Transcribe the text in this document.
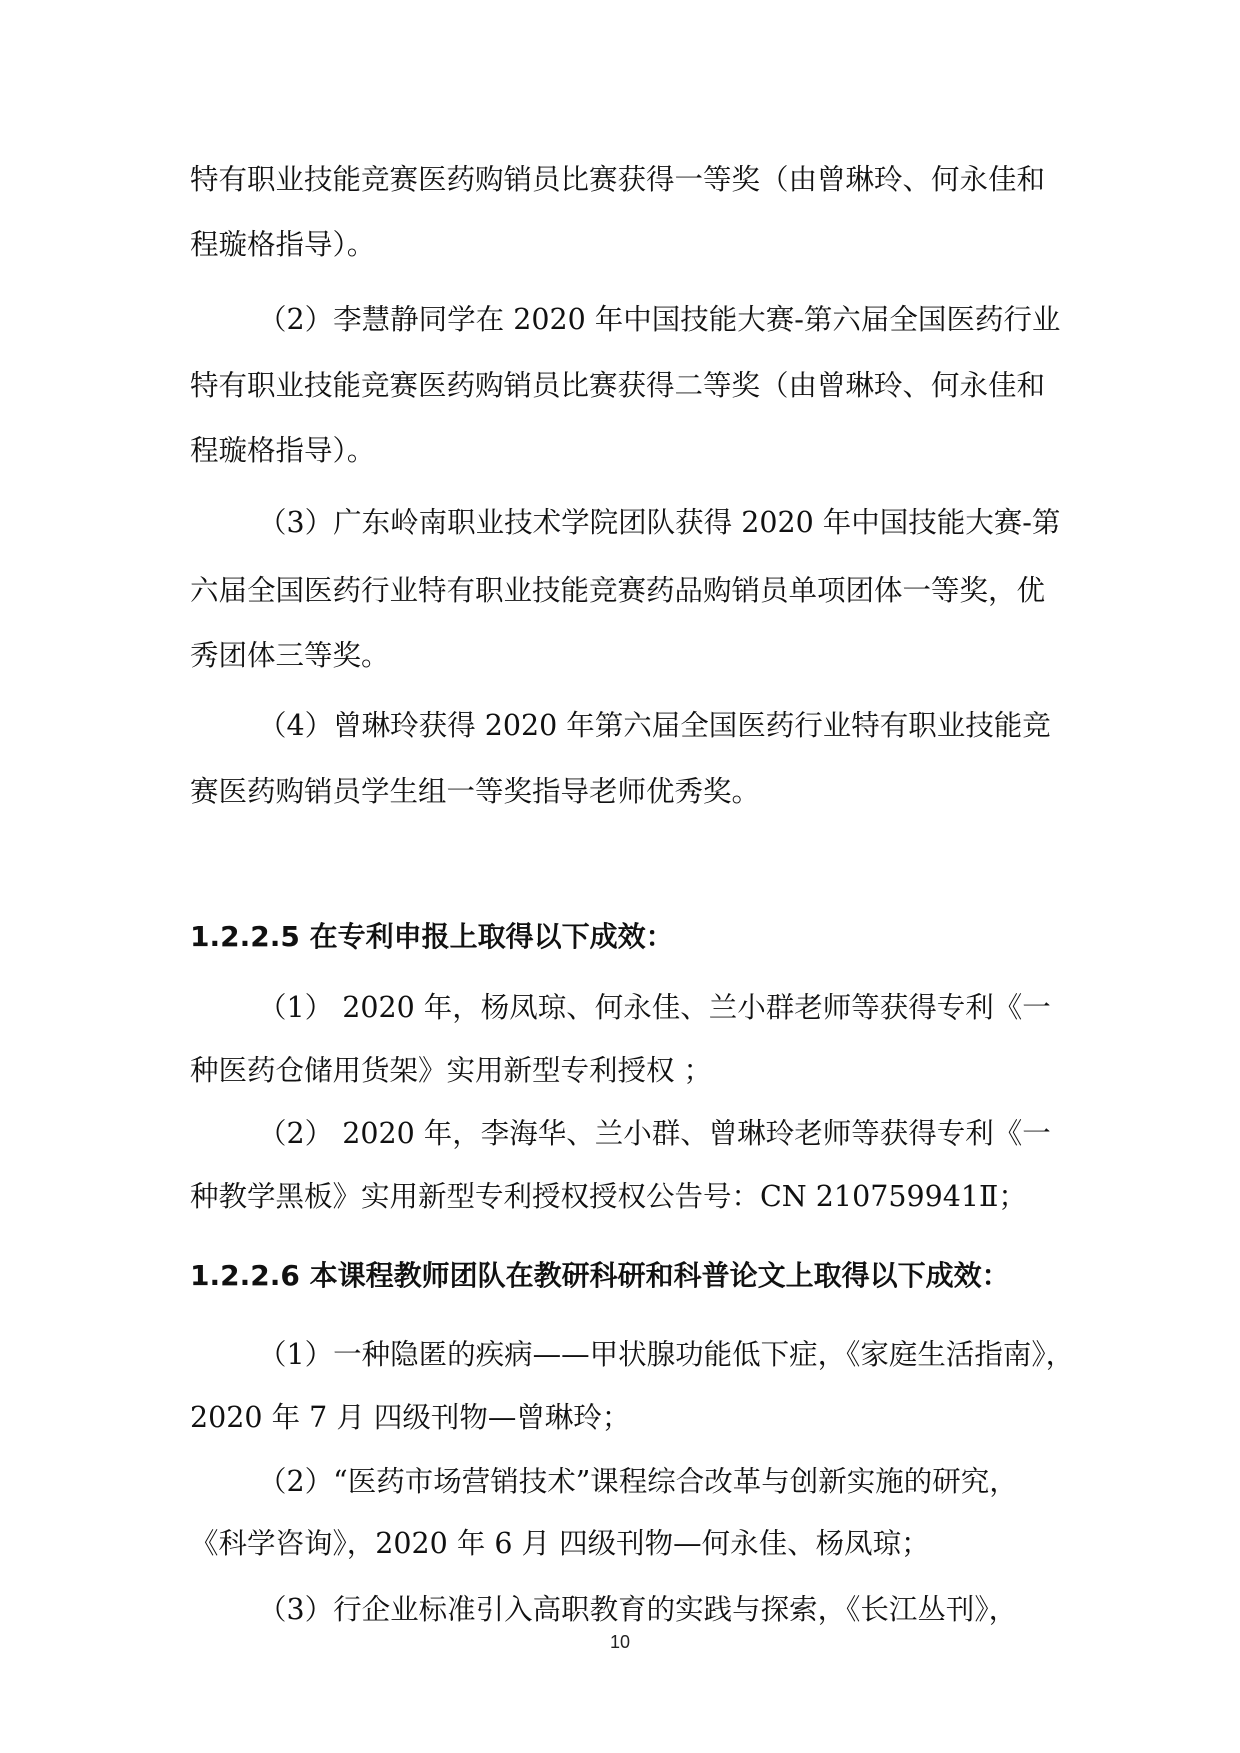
特有职业技能竞赛医药购销员比赛获得一等奖（由曾琳玲、何永佳和
程璇格指导）。
（2）李慧静同学在 2020 年中国技能大赛-第六届全国医药行业
特有职业技能竞赛医药购销员比赛获得二等奖（由曾琳玲、何永佳和
程璇格指导）。
（3）广东岭南职业技术学院团队获得 2020 年中国技能大赛-第
六届全国医药行业特有职业技能竞赛药品购销员单项团体一等奖，优
秀团体三等奖。
（4）曾琳玲获得 2020 年第六届全国医药行业特有职业技能竞
赛医药购销员学生组一等奖指导老师优秀奖。
1.2.2.5 在专利申报上取得以下成效：
（1） 2020 年，杨凤琼、何永佳、兰小群老师等获得专利《一
种医药仓储用货架》实用新型专利授权 ；
（2） 2020 年，李海华、兰小群、曾琳玲老师等获得专利《一
种教学黑板》实用新型专利授权授权公告号：CN 210759941Ⅱ；
1.2.2.6 本课程教师团队在教研科研和科普论文上取得以下成效：
（1）一种隐匿的疾病——甲状腺功能低下症，《家庭生活指南》，
2020 年 7 月 四级刊物—曾琳玲；
（2）“医药市场营销技术”课程综合改革与创新实施的研究，
《科学咨询》，2020 年 6 月 四级刊物—何永佳、杨凤琼；
（3）行企业标准引入高职教育的实践与探索，《长江丛刊》，
10
